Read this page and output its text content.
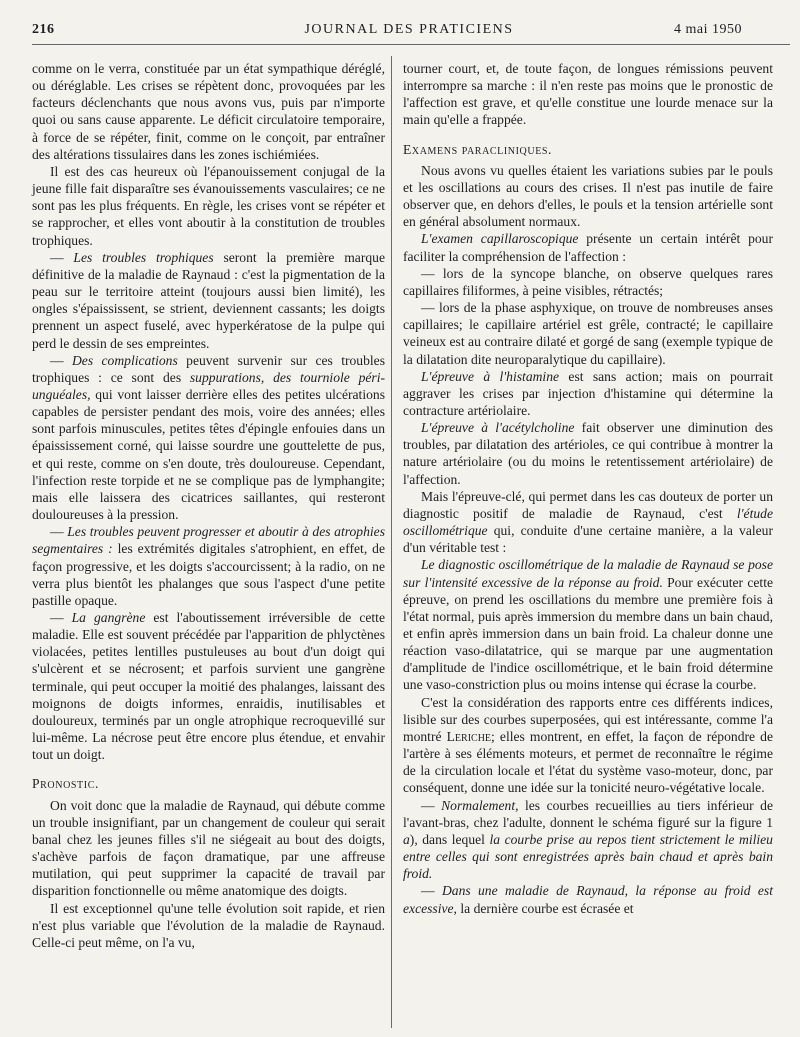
216	JOURNAL DES PRATICIENS	4 mai 1950

comme on le verra, constituée par un état sympathique déréglé, ou déréglable. Les crises se répètent donc, provoquées par les facteurs déclenchants que nous avons vus, puis par n'importe quoi ou sans cause apparente. Le déficit circulatoire temporaire, à force de se répéter, finit, comme on le conçoit, par entraîner des altérations tissulaires dans les zones ischiémiées.

Il est des cas heureux où l'épanouissement conjugal de la jeune fille fait disparaître ses évanouissements vasculaires; ce ne sont pas les plus fréquents. En règle, les crises vont se répéter et se rapprocher, et elles vont aboutir à la constitution de troubles trophiques.

— Les troubles trophiques seront la première marque définitive de la maladie de Raynaud : c'est la pigmentation de la peau sur le territoire atteint (toujours aussi bien limité), les ongles s'épaississent, se strient, deviennent cassants; les doigts prennent un aspect fuselé, avec hyperkératose de la pulpe qui perd le dessin de ses empreintes.

— Des complications peuvent survenir sur ces troubles trophiques : ce sont des suppurations, des tourniole péri-unguéales, qui vont laisser derrière elles des petites ulcérations capables de persister pendant des mois, voire des années; elles sont parfois minuscules, petites têtes d'épingle enfouies dans un épaississement corné, qui laisse sourdre une gouttelette de pus, et qui reste, comme on s'en doute, très douloureuse. Cependant, l'infection reste torpide et ne se complique pas de lymphangite; mais elle laissera des cicatrices saillantes, qui resteront douloureuses à la pression.

— Les troubles peuvent progresser et aboutir à des atrophies segmentaires : les extrémités digitales s'atrophient, en effet, de façon progressive, et les doigts s'accourcissent; à la radio, on ne verra plus bientôt les phalanges que sous l'aspect d'une petite pastille opaque.

— La gangrène est l'aboutissement irréversible de cette maladie. Elle est souvent précédée par l'apparition de phlyctènes violacées, petites lentilles pustuleuses au bout d'un doigt qui s'ulcèrent et se nécrosent; et parfois survient une gangrène terminale, qui peut occuper la moitié des phalanges, laissant des moignons de doigts informes, enraidis, inutilisables et douloureux, terminés par un ongle atrophique recroquevillé sur lui-même. La nécrose peut être encore plus étendue, et envahir tout un doigt.

Pronostic.

On voit donc que la maladie de Raynaud, qui débute comme un trouble insignifiant, par un changement de couleur qui serait banal chez les jeunes filles s'il ne siégeait au bout des doigts, s'achève parfois de façon dramatique, par une affreuse mutilation, qui peut supprimer la capacité de travail par disparition fonctionnelle ou même anatomique des doigts.

Il est exceptionnel qu'une telle évolution soit rapide, et rien n'est plus variable que l'évolution de la maladie de Raynaud. Celle-ci peut même, on l'a vu,

tourner court, et, de toute façon, de longues rémissions peuvent interrompre sa marche : il n'en reste pas moins que le pronostic de l'affection est grave, et qu'elle constitue une lourde menace sur la main qu'elle a frappée.

Examens paracliniques.

Nous avons vu quelles étaient les variations subies par le pouls et les oscillations au cours des crises. Il n'est pas inutile de faire observer que, en dehors d'elles, le pouls et la tension artérielle sont en général absolument normaux.

L'examen capillaroscopique présente un certain intérêt pour faciliter la compréhension de l'affection :

— lors de la syncope blanche, on observe quelques rares capillaires filiformes, à peine visibles, rétractés;

— lors de la phase asphyxique, on trouve de nombreuses anses capillaires; le capillaire artériel est grêle, contracté; le capillaire veineux est au contraire dilaté et gorgé de sang (exemple typique de la dilatation dite neuroparalytique du capillaire).

L'épreuve à l'histamine est sans action; mais on pourrait aggraver les crises par injection d'histamine qui détermine la contracture artériolaire.

L'épreuve à l'acétylcholine fait observer une diminution des troubles, par dilatation des artérioles, ce qui contribue à montrer la nature artériolaire (ou du moins le retentissement artériolaire) de l'affection.

Mais l'épreuve-clé, qui permet dans les cas douteux de porter un diagnostic positif de maladie de Raynaud, c'est l'étude oscillométrique qui, conduite d'une certaine manière, a la valeur d'un véritable test :

Le diagnostic oscillométrique de la maladie de Raynaud se pose sur l'intensité excessive de la réponse au froid. Pour exécuter cette épreuve, on prend les oscillations du membre une première fois à l'état normal, puis après immersion du membre dans un bain chaud, et enfin après immersion dans un bain froid. La chaleur donne une réaction vaso-dilatatrice, qui se marque par une augmentation d'amplitude de l'indice oscillométrique, et le bain froid détermine une vaso-constriction plus ou moins intense qui écrase la courbe.

C'est la considération des rapports entre ces différents indices, lisible sur des courbes superposées, qui est intéressante, comme l'a montré Leriche; elles montrent, en effet, la façon de répondre de l'artère à ses éléments moteurs, et permet de reconnaître le régime de la circulation locale et l'état du système vaso-moteur, donc, par conséquent, donne une idée sur la tonicité neuro-végétative locale.

— Normalement, les courbes recueillies au tiers inférieur de l'avant-bras, chez l'adulte, donnent le schéma figuré sur la figure 1 a), dans lequel la courbe prise au repos tient strictement le milieu entre celles qui sont enregistrées après bain chaud et après bain froid.

— Dans une maladie de Raynaud, la réponse au froid est excessive, la dernière courbe est écrasée et
